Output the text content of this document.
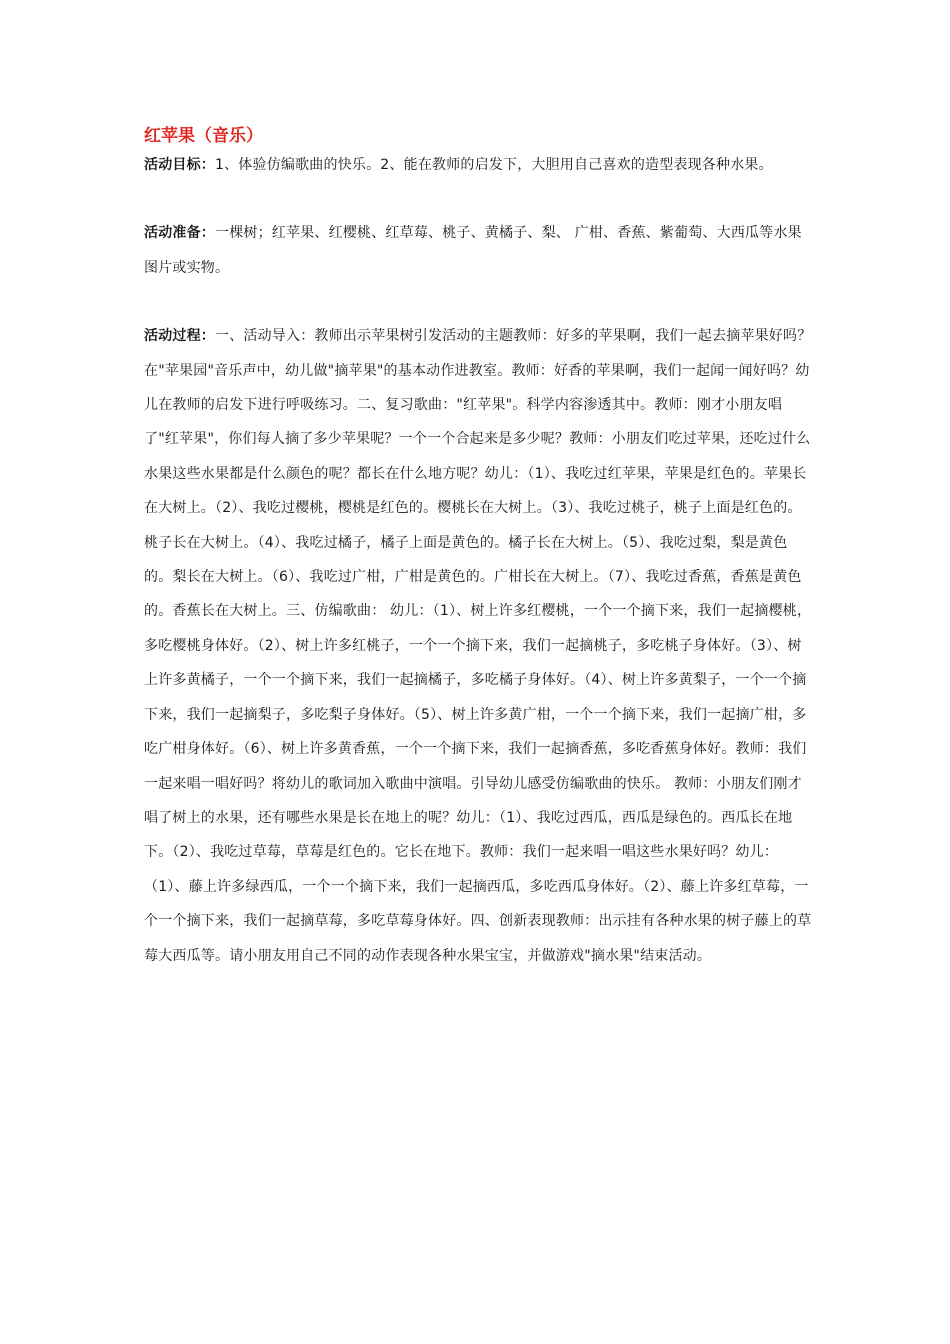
红苹果（音乐）

活动目标：1、体验仿编歌曲的快乐。2、能在教师的启发下，大胆用自己喜欢的造型表现各种水果。

活动准备：一棵树；红苹果、红樱桃、红草莓、桃子、黄橘子、梨、 广柑、香蕉、紫葡萄、大西瓜等水果图片或实物。

活动过程：一、活动导入：教师出示苹果树引发活动的主题教师：好多的苹果啊，我们一起去摘苹果好吗？在"苹果园"音乐声中，幼儿做"摘苹果"的基本动作进教室。教师：好香的苹果啊，我们一起闻一闻好吗？幼儿在教师的启发下进行呼吸练习。二、复习歌曲："红苹果"。科学内容渗透其中。教师：刚才小朋友唱了"红苹果"，你们每人摘了多少苹果呢？一个一个合起来是多少呢？教师：小朋友们吃过苹果，还吃过什么水果这些水果都是什么颜色的呢？都长在什么地方呢？幼儿：（1）、我吃过红苹果，苹果是红色的。苹果长在大树上。（2）、我吃过樱桃，樱桃是红色的。樱桃长在大树上。（3）、我吃过桃子，桃子上面是红色的。桃子长在大树上。（4）、我吃过橘子，橘子上面是黄色的。橘子长在大树上。（5）、我吃过梨，梨是黄色的。梨长在大树上。（6）、我吃过广柑，广柑是黄色的。广柑长在大树上。（7）、我吃过香蕉，香蕉是黄色的。香蕉长在大树上。三、仿编歌曲： 幼儿：（1）、树上许多红樱桃，一个一个摘下来，我们一起摘樱桃，多吃樱桃身体好。（2）、树上许多红桃子，一个一个摘下来，我们一起摘桃子，多吃桃子身体好。（3）、树上许多黄橘子，一个一个摘下来，我们一起摘橘子，多吃橘子身体好。（4）、树上许多黄梨子，一个一个摘下来，我们一起摘梨子，多吃梨子身体好。（5）、树上许多黄广柑，一个一个摘下来，我们一起摘广柑，多吃广柑身体好。（6）、树上许多黄香蕉，一个一个摘下来，我们一起摘香蕉，多吃香蕉身体好。教师：我们一起来唱一唱好吗？将幼儿的歌词加入歌曲中演唱。引导幼儿感受仿编歌曲的快乐。 教师：小朋友们刚才唱了树上的水果，还有哪些水果是长在地上的呢？幼儿：（1）、我吃过西瓜，西瓜是绿色的。西瓜长在地下。（2）、我吃过草莓，草莓是红色的。它长在地下。教师：我们一起来唱一唱这些水果好吗？幼儿：（1）、藤上许多绿西瓜，一个一个摘下来，我们一起摘西瓜，多吃西瓜身体好。（2）、藤上许多红草莓，一个一个摘下来，我们一起摘草莓，多吃草莓身体好。四、创新表现教师：出示挂有各种水果的树子藤上的草莓大西瓜等。请小朋友用自己不同的动作表现各种水果宝宝，并做游戏"摘水果"结束活动。
